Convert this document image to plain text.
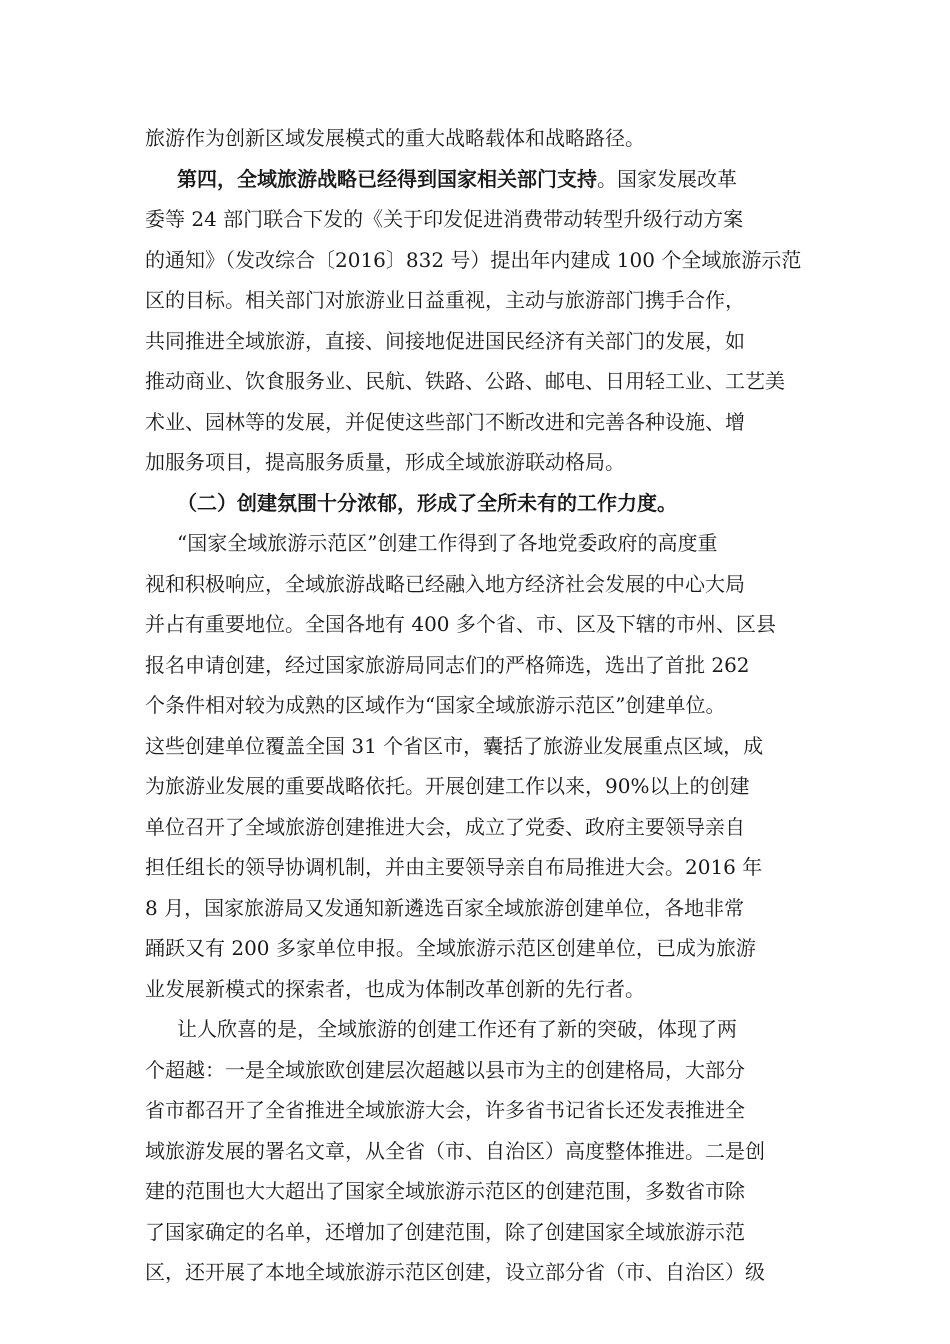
旅游作为创新区域发展模式的重大战略载体和战略路径。
第四，全域旅游战略已经得到国家相关部门支持。国家发展改革
委等 24 部门联合下发的《关于印发促进消费带动转型升级行动方案
的通知》（发改综合〔2016〕832 号）提出年内建成 100 个全域旅游示范
区的目标。相关部门对旅游业日益重视，主动与旅游部门携手合作，
共同推进全域旅游，直接、间接地促进国民经济有关部门的发展，如
推动商业、饮食服务业、民航、铁路、公路、邮电、日用轻工业、工艺美
术业、园林等的发展，并促使这些部门不断改进和完善各种设施、增
加服务项目，提高服务质量，形成全域旅游联动格局。
（二）创建氛围十分浓郁，形成了全所未有的工作力度。
“国家全域旅游示范区”创建工作得到了各地党委政府的高度重
视和积极响应，全域旅游战略已经融入地方经济社会发展的中心大局
并占有重要地位。全国各地有 400 多个省、市、区及下辖的市州、区县
报名申请创建，经过国家旅游局同志们的严格筛选，选出了首批 262
个条件相对较为成熟的区域作为“国家全域旅游示范区”创建单位。
这些创建单位覆盖全国 31 个省区市，囊括了旅游业发展重点区域，成
为旅游业发展的重要战略依托。开展创建工作以来，90%以上的创建
单位召开了全域旅游创建推进大会，成立了党委、政府主要领导亲自
担任组长的领导协调机制，并由主要领导亲自布局推进大会。2016 年
8 月，国家旅游局又发通知新遴选百家全域旅游创建单位，各地非常
踊跃又有 200 多家单位申报。全域旅游示范区创建单位，已成为旅游
业发展新模式的探索者，也成为体制改革创新的先行者。
让人欣喜的是，全域旅游的创建工作还有了新的突破，体现了两
个超越：一是全域旅欧创建层次超越以县市为主的创建格局，大部分
省市都召开了全省推进全域旅游大会，许多省书记省长还发表推进全
域旅游发展的署名文章，从全省（市、自治区）高度整体推进。二是创
建的范围也大大超出了国家全域旅游示范区的创建范围，多数省市除
了国家确定的名单，还增加了创建范围，除了创建国家全域旅游示范
区，还开展了本地全域旅游示范区创建，设立部分省（市、自治区）级
